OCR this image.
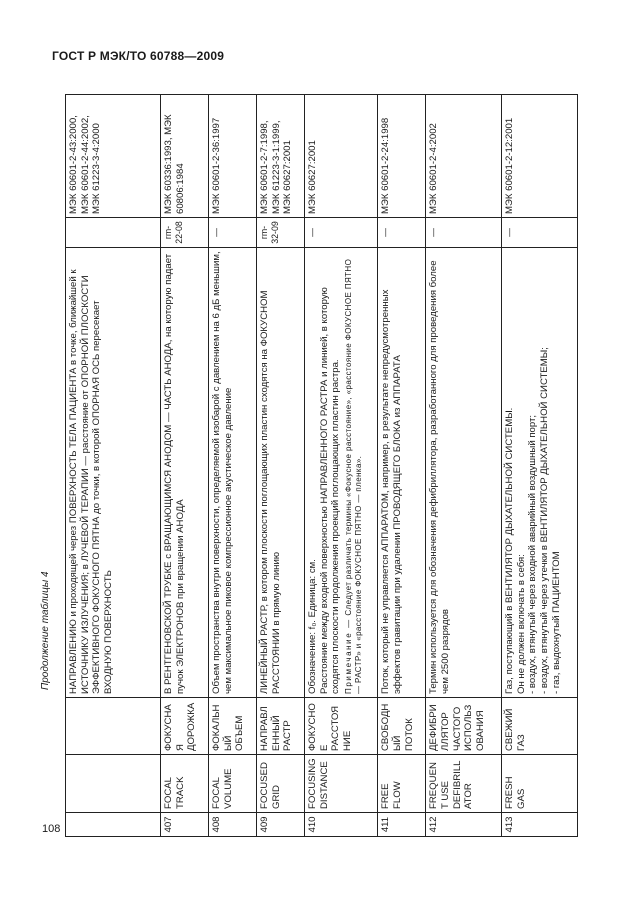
ГОСТ Р МЭК/ТО 60788—2009
Продолжение таблицы 4
108
			НАПРАВЛЕНИЮ и проходящей через ПОВЕРХНОСТЬ ТЕЛА ПАЦИЕНТА в точке, ближайшей к ИСТОЧНИКУ ИЗЛУЧЕНИЯ; в ЛУЧЕВОЙ ТЕРАПИИ — расстояние от ОПОРНОЙ ПЛОСКОСТИ ЭФФЕКТИВНОГО ФОКУСНОГО ПЯТНА до точки, в которой ОПОРНАЯ ОСЬ пересекает ВХОДНУЮ ПОВЕРХНОСТЬ		МЭК 60601-2-43:2000, МЭК 60601-2-44:2002, МЭК 61223-3-4:2000
407	FOCAL TRACK	ФОКУСНАЯ ДОРОЖКА	В РЕНТГЕНОВСКОЙ ТРУБКЕ с ВРАЩАЮЩИМСЯ АНОДОМ — ЧАСТЬ АНОДА, на которую падает пучок ЭЛЕКТРОНОВ при вращении АНОДА	rm-22-08	МЭК 60336:1993, МЭК 60806:1984
408	FOCAL VOLUME	ФОКАЛЬНЫЙ ОБЪЕМ	Объем пространства внутри поверхности, определяемой изобарой с давлением на 6 дБ меньшим, чем максимальное пиковое компрессионное акустическое давление	—	МЭК 60601-2-36:1997
409	FOCUSED GRID	НАПРАВЛЕННЫЙ РАСТР	ЛИНЕЙНЫЙ РАСТР, в котором плоскости поглощающих пластин сходятся на ФОКУСНОМ РАССТОЯНИИ в прямую линию	rm-32-09	МЭК 60601-2-7:1998, МЭК 61223-3-1:1999, МЭК 60627:2001
410	FOCUSING DISTANCE	ФОКУСНОЕ РАССТОЯНИЕ	Обозначение: f₀. Единица: см. Расстояние между входной поверхностью НАПРАВЛЕННОГО РАСТРА и линией, в которую сходятся плоскости продолжения проекций поглощающих пластин растра. Примечание — Следует различать термины «Фокусное расстояние», «расстояние ФОКУСНОЕ ПЯТНО — РАСТР» и «расстояние ФОКУСНОЕ ПЯТНО — пленка».	—	МЭК 60627:2001
411	FREE FLOW	СВОБОДНЫЙ ПОТОК	Поток, который не управляется АППАРАТОМ, например, в результате непредусмотренных эффектов гравитации при удалении ПРОВОДЯЩЕГО БЛОКА из АППАРАТА	—	МЭК 60601-2-24:1998
412	FREQUENT USE DEFIBRILLATOR	ДЕФИБРИЛЛЯТОР ЧАСТОГО ИСПОЛЬЗОВАНИЯ	Термин используется для обозначения дефибриллятора, разработанного для проведения более чем 2500 разрядов	—	МЭК 60601-2-4:2002
413	FRESH GAS	СВЕЖИЙ ГАЗ	Газ, поступающий в ВЕНТИЛЯТОР ДЫХАТЕЛЬНОЙ СИСТЕМЫ. Он не должен включать в себя: - воздух, втянутый через входной аварийный воздушный порт; - воздух, втянутый через утечки в ВЕНТИЛЯТОР ДЫХАТЕЛЬНОЙ СИСТЕМЫ; - газ, выдохнутый ПАЦИЕНТОМ	—	МЭК 60601-2-12:2001
